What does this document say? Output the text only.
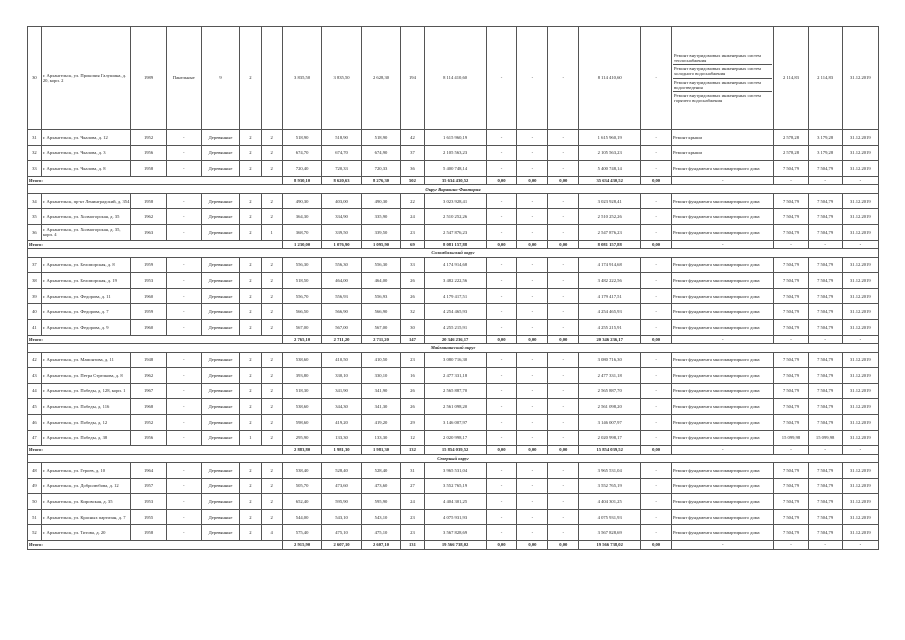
30	г. Архангельск, ул. Прокопия Галушина, д. 20, корп. 2	1989	Панельные	9	2		3 835,50	3 835,50	2 628,30	194	8 114 410,60	-	-	-	8 114 410,60	-	Ремонт внутридомовых инженерных систем теплоснабжения
Ремонт внутридомовых инженерных систем холодного водоснабжения
Ремонт внутридомовых инженерных систем водоотведения
Ремонт внутридомовых инженерных систем горячего водоснабжения	2 114,83	2 114,83	31.12.2019
31	г. Архангельск, ул. Чкалова, д. 12	1952	-	Деревянные	2	2	518,90	518,90	518,90	42	1 615 960,19	-	-	-	1 615 960,19	-	Ремонт крыши	2 578,28	3 179,28	31.12.2019
32	г. Архангельск, ул. Чкалова, д. 3	1956	-	Деревянные	2	2	674,70	674,70	674,90	37	2 105 563,23	-	-	-	2 105 563,23	-	Ремонт крыши	2 578,28	3 179,28	31.12.2019
33	г. Архангельск, ул. Чкалова, д. 8	1958	-	Деревянные	2	2	720,40	720,33	720,33	36	5 400 748,14	-	-	-	5 400 748,14	-	Ремонт фундамента многоквартирного дома	7 504,79	7 504,79	31.12.2019
Итого:							8 930,10	8 620,63	8 276,30	502	35 634 430,52	0,00	0,00	0,00	35 634 430,52	0,00	-	-	-	-
Округ Варавино-Фактория																				
34	г. Архангельск, пр-кт Ленинградский, д. 354	1958	-	Деревянные	2	2	490,30	403,00	490,30	22	3 023 928,41	-	-	-	3 023 928,41	-	Ремонт фундамента многоквартирного дома	7 504,79	7 504,79	31.12.2019
35	г. Архангельск, ул. Холмогорская, д. 35	1962	-	Деревянные	2	2	364,30	334,90	335,90	24	2 510 252,26	-	-	-	2 510 252,26	-	Ремонт фундамента многоквартирного дома	7 504,79	7 504,79	31.12.2019
36	г. Архангельск, ул. Холмогорская, д. 35, корп. 4	1963	-	Деревянные	2	1	368,70	339,50	339,50	23	2 547 876,23	-	-	-	2 547 876,23	-	Ремонт фундамента многоквартирного дома	7 504,79	7 504,79	31.12.2019
Итого:							1 230,00	1 076,90	1 095,90	69	8 081 157,88	0,00	0,00	0,00	8 081 157,88	0,00	-	-	-	-
Соломбальский округ																				
37	г. Архангельск, ул. Беломорская, д. 8	1959	-	Деревянные	2	2	556,30	556,30	556,30	33	4 174 914,68	-	-	-	4 174 914,68	-	Ремонт фундамента многоквартирного дома	7 504,79	7 504,79	31.12.2019
38	г. Архангельск, ул. Беломорская, д. 19	1953	-	Деревянные	2	2	518,50	464,00	464,00	26	3 482 222,56	-	-	-	3 482 222,56	-	Ремонт фундамента многоквартирного дома	7 504,79	7 504,79	31.12.2019
39	г. Архангельск, ул. Федорова, д. 11	1960	-	Деревянные	2	2	556,70	556,93	556,93	26	4 179 417,51	-	-	-	4 179 417,51	-	Ремонт фундамента многоквартирного дома	7 504,79	7 504,79	31.12.2019
40	г. Архангельск, ул. Федорова, д. 7	1959	-	Деревянные	2	2	566,50	566,90	566,90	32	4 254 465,93	-	-	-	4 254 465,93	-	Ремонт фундамента многоквартирного дома	7 504,79	7 504,79	31.12.2019
41	г. Архангельск, ул. Федорова, д. 9	1960	-	Деревянные	2	2	567,00	567,00	567,00	30	4 255 215,91	-	-	-	4 255 215,91	-	Ремонт фундамента многоквартирного дома	7 504,79	7 504,79	31.12.2019
Итого:							2 765,10	2 711,20	2 711,20	147	20 346 236,17	0,00	0,00	0,00	20 346 236,17	0,00	-	-	-	-
Майманаксский округ																				
42	г. Архангельск, ул. Мамонтова, д. 11	1948	-	Деревянные	2	2	538,60	410,50	410,50	23	3 080 716,30	-	-	-	3 080 716,30	-	Ремонт фундамента многоквартирного дома	7 504,79	7 504,79	31.12.2019
43	г. Архангельск, ул. Петра Стрелкова, д. 8	1962	-	Деревянные	2	2	393,80	330,10	330,10	16	2 477 331,18	-	-	-	2 477 331,18	-	Ремонт фундамента многоквартирного дома	7 504,79	7 504,79	31.12.2019
44	г. Архангельск, ул. Победы, д. 128, корп. 1	1967	-	Деревянные	2	2	518,30	341,90	341,90	26	2 565 887,70	-	-	-	2 565 887,70	-	Ремонт фундамента многоквартирного дома	7 504,79	7 504,79	31.12.2019
45	г. Архангельск, ул. Победы, д. 116	1968	-	Деревянные	2	2	538,60	344,30	341,30	26	2 561 098,20	-	-	-	2 561 098,20	-	Ремонт фундамента многоквартирного дома	7 504,79	7 504,79	31.12.2019
46	г. Архангельск, ул. Победы, д. 12	1952	-	Деревянные	2	2	598,60	419,20	419,20	29	3 146 007,97	-	-	-	3 146 007,97	-	Ремонт фундамента многоквартирного дома	7 504,79	7 504,79	31.12.2019
47	г. Архангельск, ул. Победы, д. 38	1956	-	Деревянные	1	2	295,90	133,30	133,30	12	2 020 998,17	-	-	-	2 020 998,17	-	Ремонт фундамента многоквартирного дома	15 099,98	15 099,98	31.12.2019
Итого:							2 883,80	1 981,30	1 981,30	132	15 854 039,52	0,00	0,00	0,00	15 854 039,52	0,00	-	-	-	-
Северный округ																				
48	г. Архангельск, ул. Героев, д. 10	1964	-	Деревянные	2	2	538,40	528,40	528,40	31	3 965 531,04	-	-	-	3 965 531,04	-	Ремонт фундамента многоквартирного дома	7 504,79	7 504,79	31.12.2019
49	г. Архангельск, ул. Добролюбова, д. 12	1957	-	Деревянные	2	2	505,70	473,60	473,60	27	3 552 765,19	-	-	-	3 552 765,19	-	Ремонт фундамента многоквартирного дома	7 504,79	7 504,79	31.12.2019
50	г. Архангельск, ул. Кировская, д. 35	1953	-	Деревянные	2	2	652,40	595,90	595,90	24	4 404 301,25	-	-	-	4 404 301,25	-	Ремонт фундамента многоквартирного дома	7 504,79	7 504,79	31.12.2019
51	г. Архангельск, ул. Красных партизан, д. 7	1955	-	Деревянные	2	2	544,00	543,10	543,10	23	4 075 931,93	-	-	-	4 075 931,93	-	Ремонт фундамента многоквартирного дома	7 504,79	7 504,79	31.12.2019
52	г. Архангельск, ул. Титова, д. 20	1958	-	Деревянные	2	4	575,40	475,10	475,10	23	3 567 828,69	-	-	-	3 567 828,69	-	Ремонт фундамента многоквартирного дома	7 504,79	7 504,79	31.12.2019
Итого:							2 915,90	2 607,10	2 607,10	131	19 566 738,02	0,00	0,00	0,00	19 566 738,02	0,00	-	-	-	-
